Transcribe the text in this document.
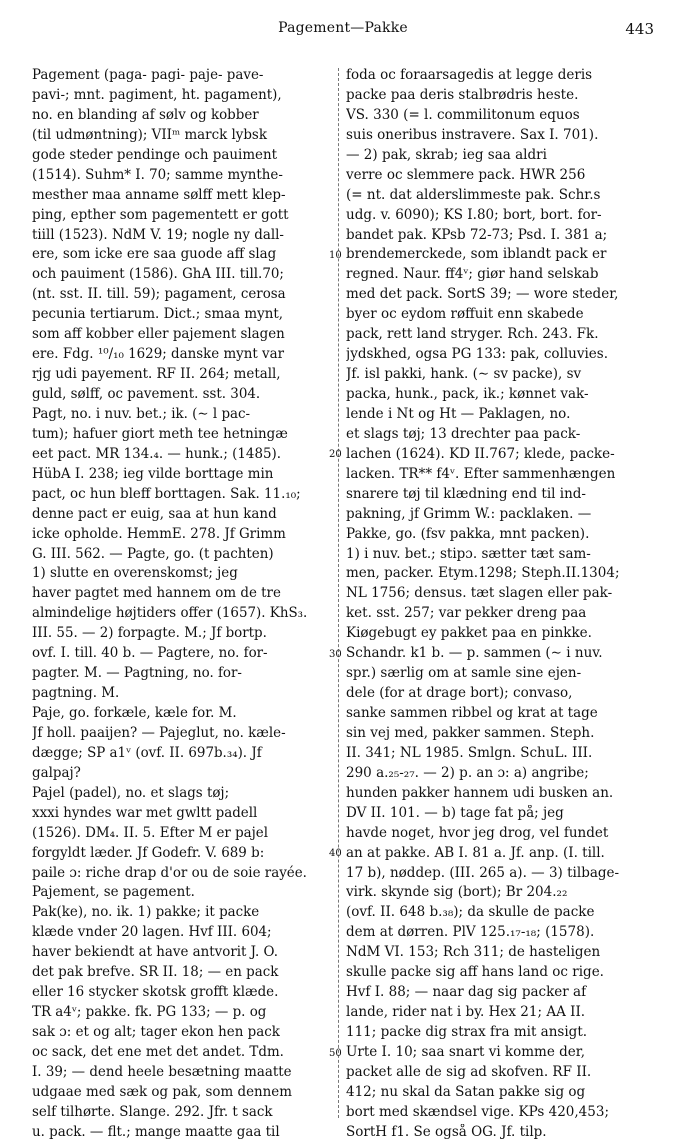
Pagement—Pakke	443
Pagement (paga- pagi- paje- pave-
pavi-; mnt. pagiment, ht. pagament),
no. en blanding af sølv og kobber
(til udmøntning); VIIᵐ marck lybsk
gode steder pendinge och pauiment
(1514). Suhm* I. 70; samme mynthe-
mesther maa anname sølff mett klep-
ping, epther som pagementett er gott
tiill (1523). NdM V. 19; nogle ny dall-
ere, som icke ere saa guode aff slag
och pauiment (1586). GhA III. till.70;
(nt. sst. II. till. 59); pagament, cerosa
pecunia tertiarum. Dict.; smaa mynt,
som aff kobber eller pajement slagen
ere. Fdg. ¹⁰/₁₀ 1629; danske mynt var
rjg udi payement. RF II. 264; metall,
guld, sølff, oc pavement. sst. 304.
Pagt, no. i nuv. bet.; ik. (∼ l pac-
tum); hafuer giort meth tee hetningæ
eet pact. MR 134.₄. — hunk.; (1485).
HübA I. 238; ieg vilde borttage min
pact, oc hun bleff borttagen. Sak. 11.₁₀;
denne pact er euig, saa at hun kand
icke opholde. HemmE. 278. Jf Grimm
G. III. 562. — Pagte, go. (t pachten)
1) slutte en overenskomst; jeg
haver pagtet med hannem om de tre
almindelige højtiders offer (1657). KhS₃.
III. 55. — 2) forpagte. M.; Jf bortp.
ovf. I. till. 40 b. — Pagtere, no. for-
pagter. M. — Pagtning, no. for-
pagtning. M.
Paje, go. forkæle, kæle for. M.
Jf holl. paaijen? — Pajeglut, no. kæle-
dægge; SP a1ᵛ (ovf. II. 697b.₃₄). Jf
galpaj?
Pajel (padel), no. et slags tøj;
xxxi hyndes war met gwltt padell
(1526). DM₄. II. 5. Efter M er pajel
forgyldt læder. Jf Godefr. V. 689 b:
paile ɔ: riche drap d'or ou de soie rayée.
Pajement, se pagement.
Pak(ke), no. ik. 1) pakke; it packe
klæde vnder 20 lagen. Hvf III. 604;
haver bekiendt at have antvorit J. O.
det pak brefve. SR II. 18; — en pack
eller 16 stycker skotsk grofft klæde.
TR a4ᵛ; pakke. fk. PG 133; — p. og
sak ɔ: et og alt; tager ekon hen pack
oc sack, det ene met det andet. Tdm.
I. 39; — dend heele besætning maatte
udgaae med sæk og pak, som dennem
self tilhørte. Slange. 292. Jfr. t sack
u. pack. — flt.; mange maatte gaa til
10
20
30
40
50
foda oc foraarsagedis at legge deris
packe paa deris stalbrødris heste.
VS. 330 (= l. commilitonum equos
suis oneribus instravere. Sax I. 701).
— 2) pak, skrab; ieg saa aldri
verre oc slemmere pack. HWR 256
(= nt. dat alderslimmeste pak. Schr.s
udg. v. 6090); KS I.80; bort, bort. for-
bandet pak. KPsb 72-73; Psd. I. 381 a;
brendemerckede, som iblandt pack er
regned. Naur. ff4ᵛ; giør hand selskab
med det pack. SortS 39; — wore steder,
byer oc eydom røffuit enn skabede
pack, rett land stryger. Rch. 243. Fk.
jydskhed, ogsa PG 133: pak, colluvies.
Jf. isl pakki, hank. (∼ sv packe), sv
packa, hunk., pack, ik.; kønnet vak-
lende i Nt og Ht — Paklagen, no.
et slags tøj; 13 drechter paa pack-
lachen (1624). KD II.767; klede, packe-
lacken. TR** f4ᵛ. Efter sammenhængen
snarere tøj til klædning end til ind-
pakning, jf Grimm W.: packlaken. —
Pakke, go. (fsv pakka, mnt packen).
1) i nuv. bet.; stipɔ. sætter tæt sam-
men, packer. Etym.1298; Steph.II.1304;
NL 1756; densus. tæt slagen eller pak-
ket. sst. 257; var pekker dreng paa
Kiøgebugt ey pakket paa en pinkke.
Schandr. k1 b. — p. sammen (∼ i nuv.
spr.) særlig om at samle sine ejen-
dele (for at drage bort); convaso,
sanke sammen ribbel og krat at tage
sin vej med, pakker sammen. Steph.
II. 341; NL 1985. Smlgn. SchuL. III.
290 a.₂₅-₂₇. — 2) p. an ɔ: a) angribe;
hunden pakker hannem udi busken an.
DV II. 101. — b) tage fat på; jeg
havde noget, hvor jeg drog, vel fundet
an at pakke. AB I. 81 a. Jf. anp. (I. till.
17 b), nøddep. (III. 265 a). — 3) tilbage-
virk. skynde sig (bort); Br 204.₂₂
(ovf. II. 648 b.₃₈); da skulle de packe
dem at dørren. PlV 125.₁₇-₁₈; (1578).
NdM VI. 153; Rch 311; de hasteligen
skulle packe sig aff hans land oc rige.
Hvf I. 88; — naar dag sig packer af
lande, rider nat i by. Hex 21; AA II.
111; packe dig strax fra mit ansigt.
Urte I. 10; saa snart vi komme der,
packet alle de sig ad skofven. RF II.
412; nu skal da Satan pakke sig og
bort med skændsel vige. KPs 420,453;
SortH f1. Se også OG. Jf. tilp.
